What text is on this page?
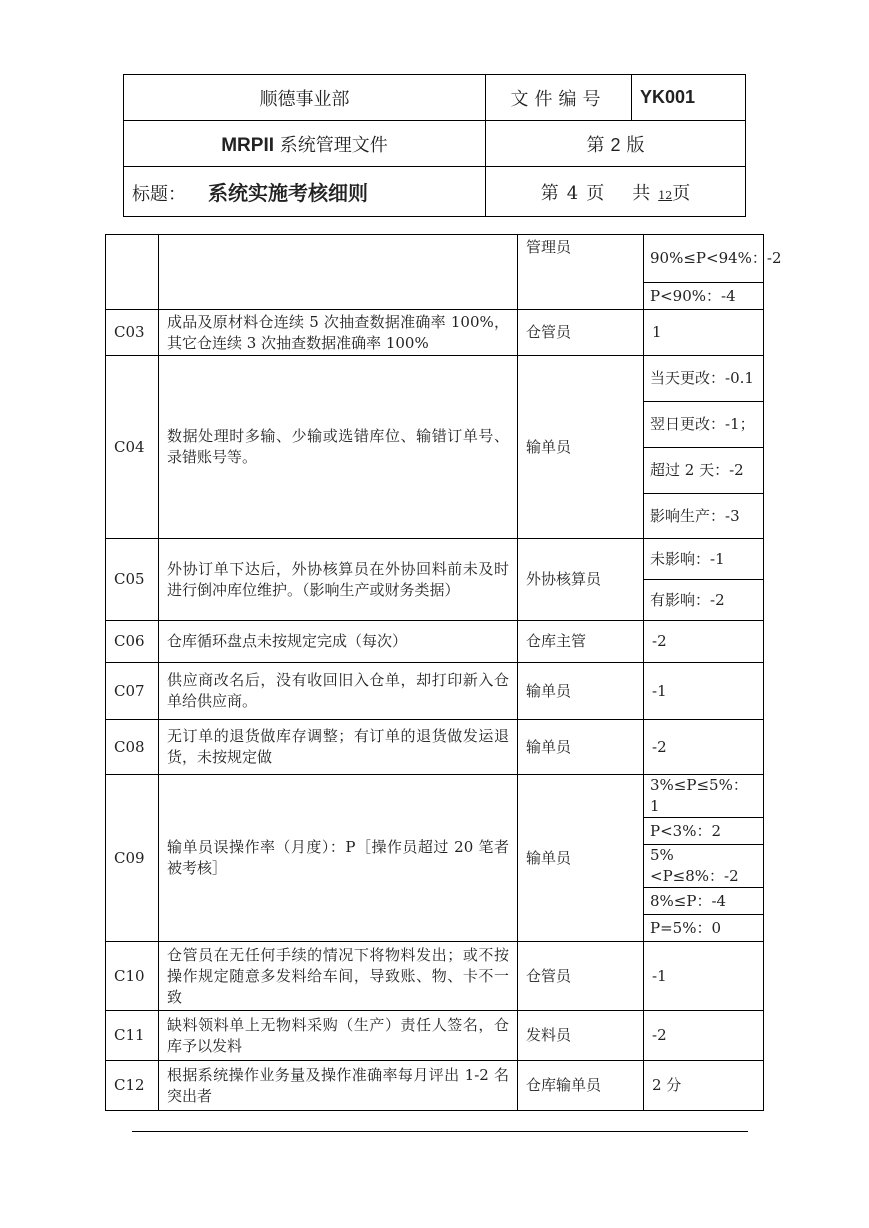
顺德事业部	文件编号	YK001
MRPII 系统管理文件	第 2 版	
标题： 系统实施考核细则	第 4 页 共 12页	
		管理员	90%≤P<94%：-2
			P<90%：-4
C03	成品及原材料仓连续 5 次抽查数据准确率 100%，其它仓连续 3 次抽查数据准确率 100%	仓管员	1
C04	数据处理时多输、少输或选错库位、输错订单号、录错账号等。	输单员	当天更改：-0.1
			翌日更改：-1；
			超过 2 天：-2
			影响生产：-3
C05	外协订单下达后，外协核算员在外协回料前未及时进行倒冲库位维护。（影响生产或财务类据）	外协核算员	未影响：-1
			有影响：-2
C06	仓库循环盘点未按规定完成（每次）	仓库主管	-2
C07	供应商改名后，没有收回旧入仓单，却打印新入仓单给供应商。	输单员	-1
C08	无订单的退货做库存调整；有订单的退货做发运退货，未按规定做	输单员	-2
C09	输单员误操作率（月度）：P［操作员超过 20 笔者被考核］	输单员	3%≤P≤5%：1
			P<3%：2
			5%<P≤8%：-2
			8%≤P：-4
			P=5%：0
C10	仓管员在无任何手续的情况下将物料发出；或不按操作规定随意多发料给车间，导致账、物、卡不一致	仓管员	-1
C11	缺料领料单上无物料采购（生产）责任人签名，仓库予以发料	发料员	-2
C12	根据系统操作业务量及操作准确率每月评出 1-2 名突出者	仓库输单员	2 分
